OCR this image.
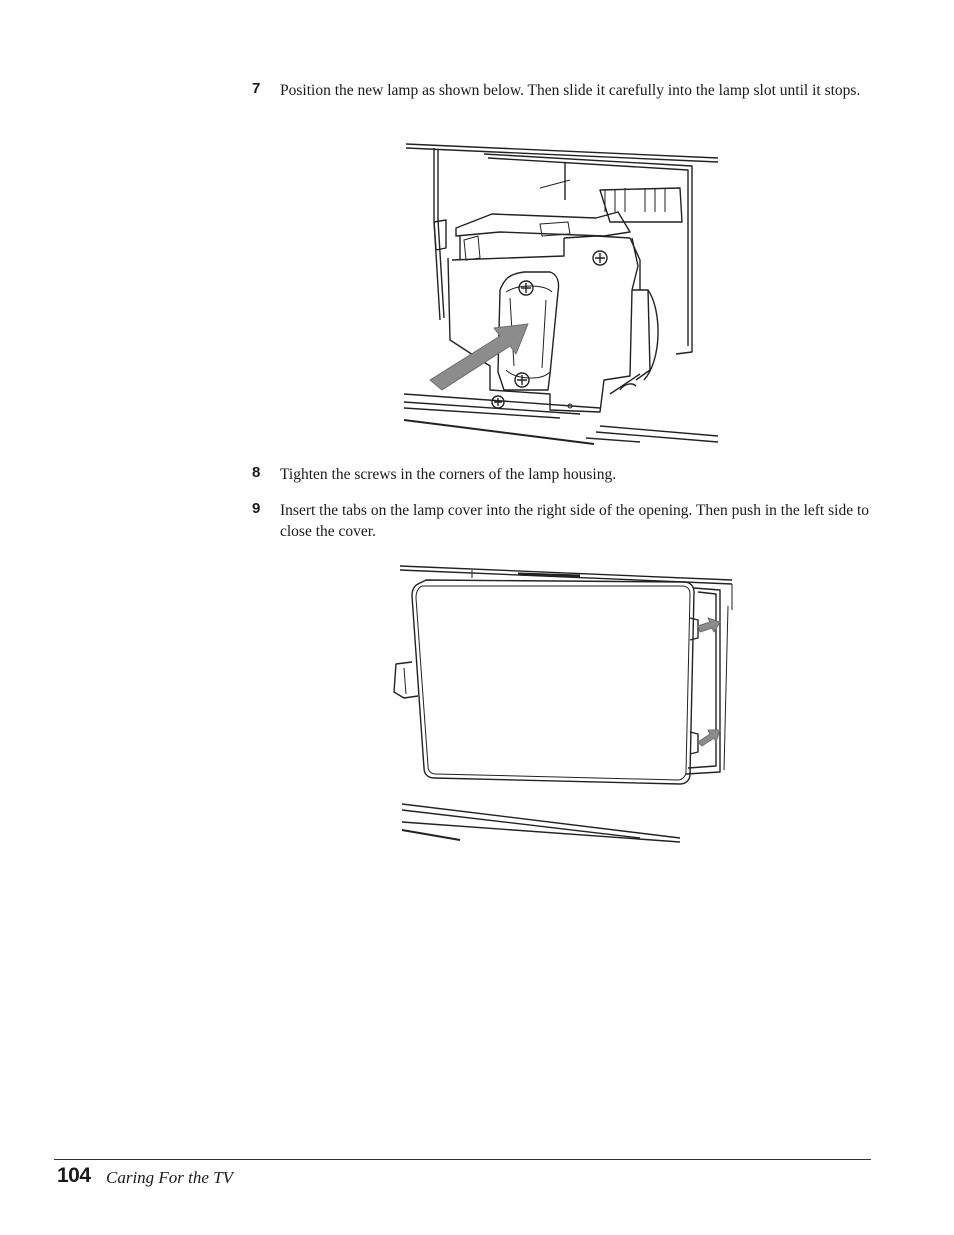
7 Position the new lamp as shown below. Then slide it carefully into the lamp slot until it stops.
8 Tighten the screws in the corners of the lamp housing.
9 Insert the tabs on the lamp cover into the right side of the opening. Then push in the left side to close the cover.
104 Caring For the TV
